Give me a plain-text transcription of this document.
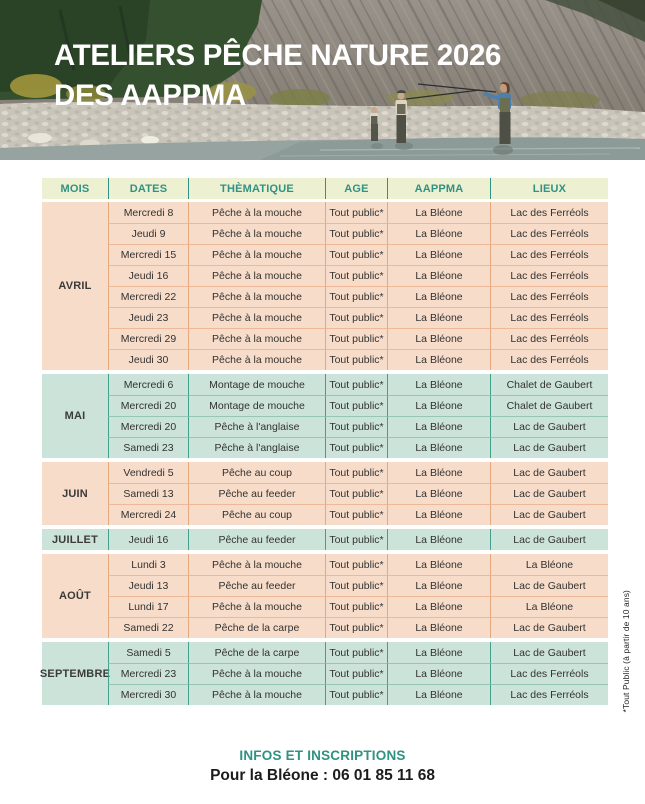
ATELIERS PÊCHE NATURE 2026
DES AAPPMA
MOIS	DATES	THÈMATIQUE	AGE	AAPPMA	LIEUX
AVRIL
Mercredi 8	Pêche à la mouche	Tout public*	La Bléone	Lac des Ferréols
Jeudi 9	Pêche à la mouche	Tout public*	La Bléone	Lac des Ferréols
Mercredi 15	Pêche à la mouche	Tout public*	La Bléone	Lac des Ferréols
Jeudi 16	Pêche à la mouche	Tout public*	La Bléone	Lac des Ferréols
Mercredi 22	Pêche à la mouche	Tout public*	La Bléone	Lac des Ferréols
Jeudi 23	Pêche à la mouche	Tout public*	La Bléone	Lac des Ferréols
Mercredi 29	Pêche à la mouche	Tout public*	La Bléone	Lac des Ferréols
Jeudi 30	Pêche à la mouche	Tout public*	La Bléone	Lac des Ferréols
MAI
Mercredi 6	Montage de mouche	Tout public*	La Bléone	Chalet de Gaubert
Mercredi 20	Montage de mouche	Tout public*	La Bléone	Chalet de Gaubert
Mercredi 20	Pêche à l'anglaise	Tout public*	La Bléone	Lac de Gaubert
Samedi 23	Pêche à l'anglaise	Tout public*	La Bléone	Lac de Gaubert
JUIN
Vendredi 5	Pêche au coup	Tout public*	La Bléone	Lac de Gaubert
Samedi 13	Pêche au feeder	Tout public*	La Bléone	Lac de Gaubert
Mercredi 24	Pêche au coup	Tout public*	La Bléone	Lac de Gaubert
JUILLET	Jeudi 16	Pêche au feeder	Tout public*	La Bléone	Lac de Gaubert
AOÛT
Lundi 3	Pêche à la mouche	Tout public*	La Bléone	La Bléone
Jeudi 13	Pêche au feeder	Tout public*	La Bléone	Lac de Gaubert
Lundi 17	Pêche à la mouche	Tout public*	La Bléone	La Bléone
Samedi 22	Pêche de la carpe	Tout public*	La Bléone	Lac de Gaubert
SEPTEMBRE
Samedi 5	Pêche de la carpe	Tout public*	La Bléone	Lac de Gaubert
Mercredi 23	Pêche à la mouche	Tout public*	La Bléone	Lac des Ferréols
Mercredi 30	Pêche à la mouche	Tout public*	La Bléone	Lac des Ferréols	*Tout Public (à partir de 10 ans)
INFOS ET INSCRIPTIONS
Pour la Bléone : 06 01 85 11 68
